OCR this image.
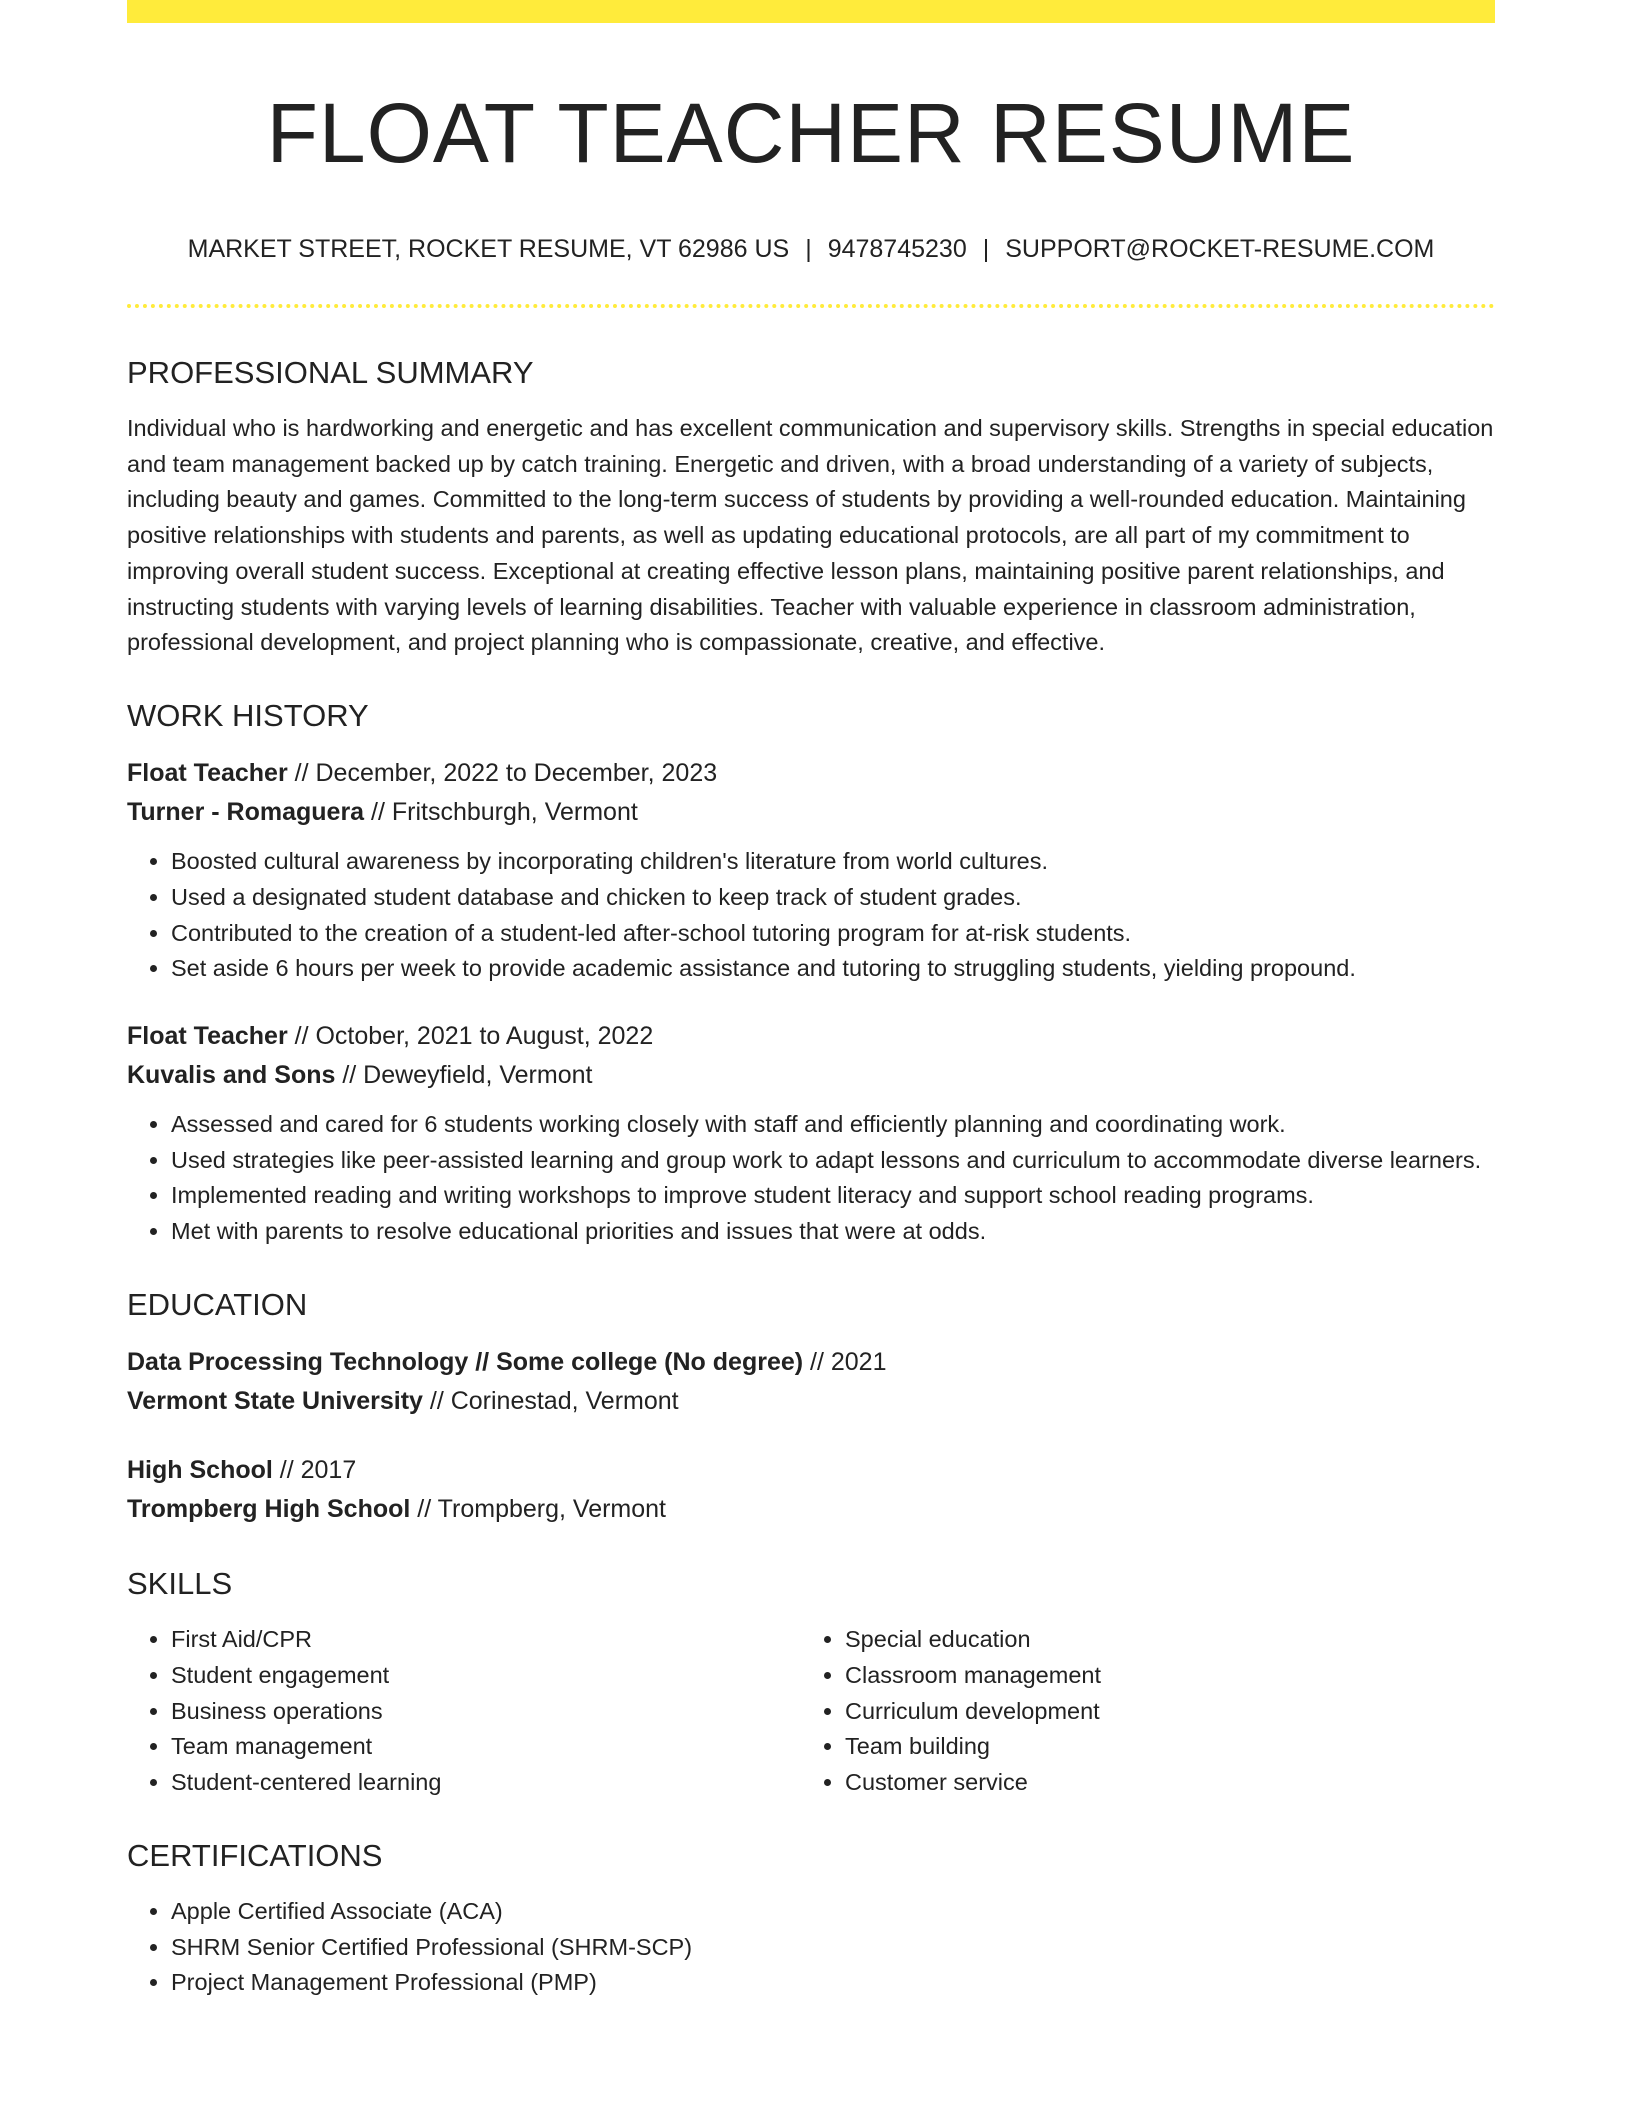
FLOAT TEACHER RESUME
MARKET STREET, ROCKET RESUME, VT 62986 US | 9478745230 | SUPPORT@ROCKET-RESUME.COM
PROFESSIONAL SUMMARY
Individual who is hardworking and energetic and has excellent communication and supervisory skills. Strengths in special education and team management backed up by catch training. Energetic and driven, with a broad understanding of a variety of subjects, including beauty and games. Committed to the long-term success of students by providing a well-rounded education. Maintaining positive relationships with students and parents, as well as updating educational protocols, are all part of my commitment to improving overall student success. Exceptional at creating effective lesson plans, maintaining positive parent relationships, and instructing students with varying levels of learning disabilities. Teacher with valuable experience in classroom administration, professional development, and project planning who is compassionate, creative, and effective.
WORK HISTORY
Float Teacher // December, 2022 to December, 2023
Turner - Romaguera // Fritschburgh, Vermont
• Boosted cultural awareness by incorporating children's literature from world cultures.
• Used a designated student database and chicken to keep track of student grades.
• Contributed to the creation of a student-led after-school tutoring program for at-risk students.
• Set aside 6 hours per week to provide academic assistance and tutoring to struggling students, yielding propound.
Float Teacher // October, 2021 to August, 2022
Kuvalis and Sons // Deweyfield, Vermont
• Assessed and cared for 6 students working closely with staff and efficiently planning and coordinating work.
• Used strategies like peer-assisted learning and group work to adapt lessons and curriculum to accommodate diverse learners.
• Implemented reading and writing workshops to improve student literacy and support school reading programs.
• Met with parents to resolve educational priorities and issues that were at odds.
EDUCATION
Data Processing Technology // Some college (No degree) // 2021
Vermont State University // Corinestad, Vermont
High School // 2017
Trompberg High School // Trompberg, Vermont
SKILLS
• First Aid/CPR
• Student engagement
• Business operations
• Team management
• Student-centered learning
• Special education
• Classroom management
• Curriculum development
• Team building
• Customer service
CERTIFICATIONS
• Apple Certified Associate (ACA)
• SHRM Senior Certified Professional (SHRM-SCP)
• Project Management Professional (PMP)
